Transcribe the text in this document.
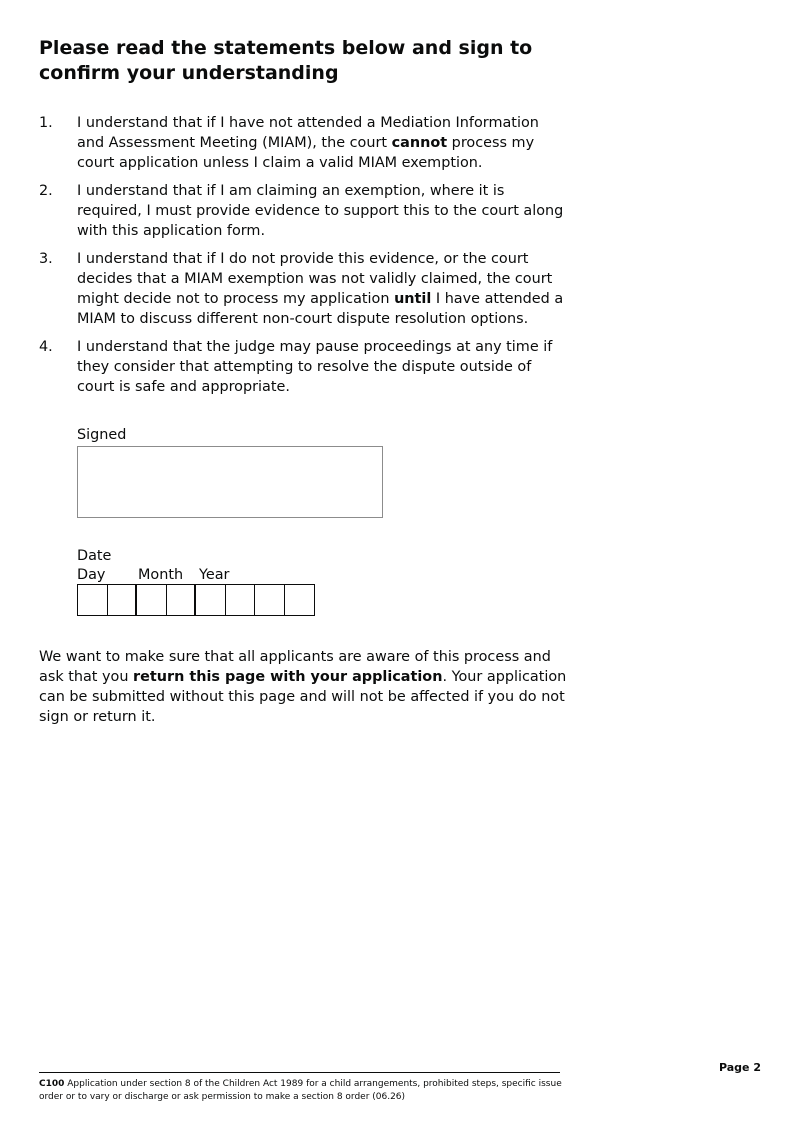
Please read the statements below and sign to confirm your understanding
1. I understand that if I have not attended a Mediation Information and Assessment Meeting (MIAM), the court cannot process my court application unless I claim a valid MIAM exemption.
2. I understand that if I am claiming an exemption, where it is required, I must provide evidence to support this to the court along with this application form.
3. I understand that if I do not provide this evidence, or the court decides that a MIAM exemption was not validly claimed, the court might decide not to process my application until I have attended a MIAM to discuss different non-court dispute resolution options.
4. I understand that the judge may pause proceedings at any time if they consider that attempting to resolve the dispute outside of court is safe and appropriate.
Signed
Date
Day Month Year

We want to make sure that all applicants are aware of this process and ask that you return this page with your application. Your application can be submitted without this page and will not be affected if you do not sign or return it.

Page 2
C100 Application under section 8 of the Children Act 1989 for a child arrangements, prohibited steps, specific issue order or to vary or discharge or ask permission to make a section 8 order (06.26)
